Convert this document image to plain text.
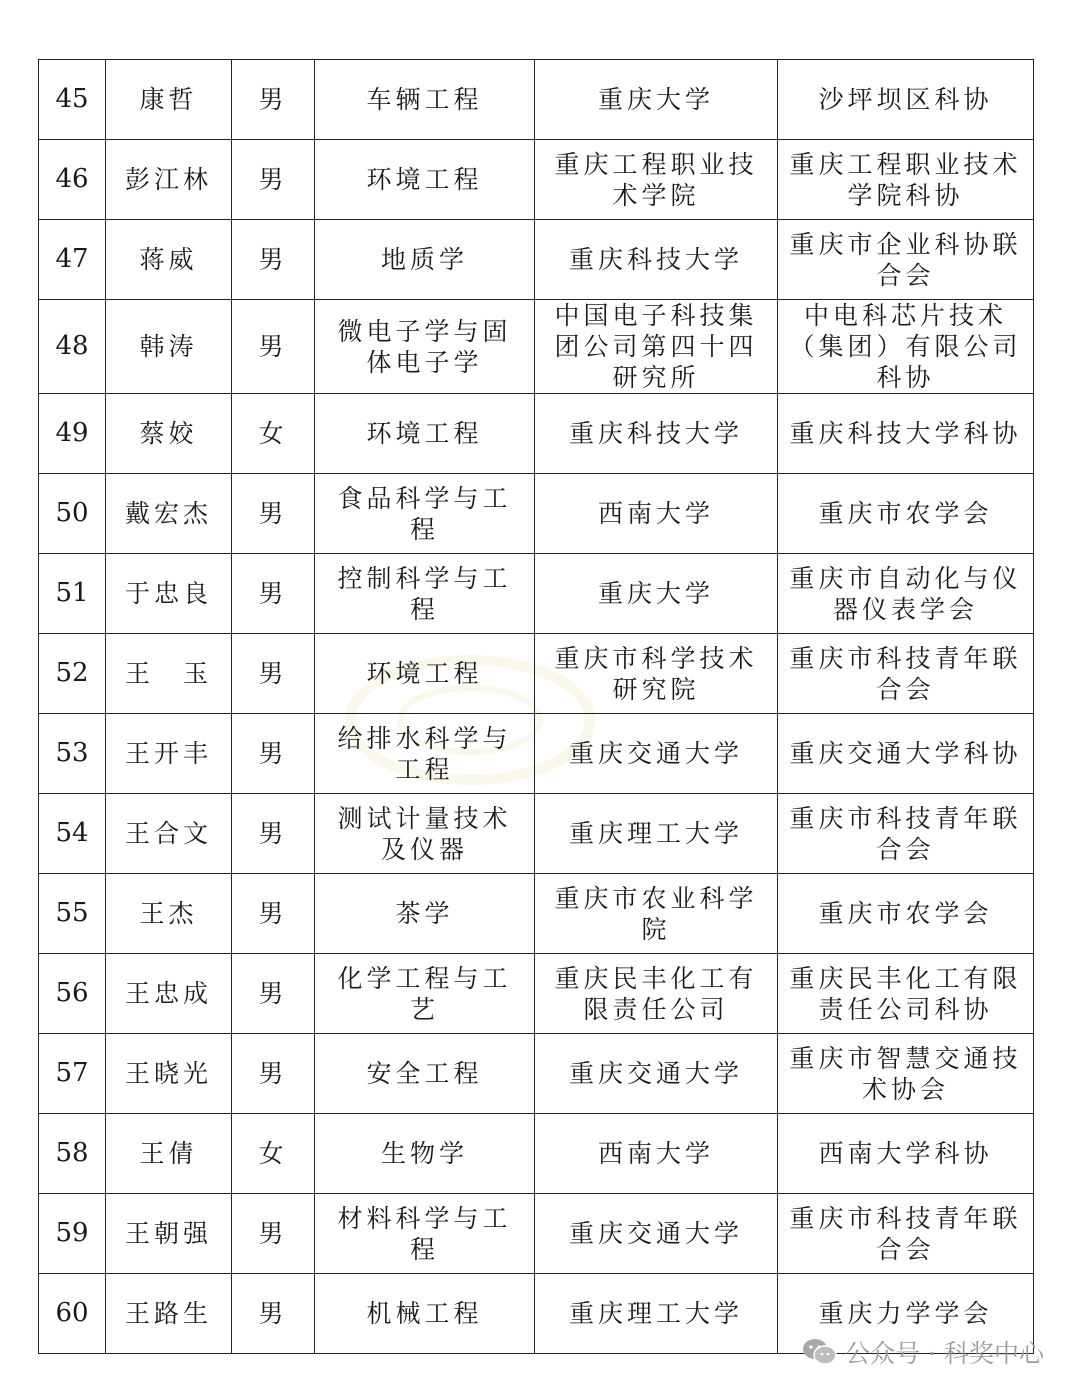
45	康哲	男	车辆工程	重庆大学	沙坪坝区科协
46	彭江林	男	环境工程	重庆工程职业技术学院	重庆工程职业技术学院科协
47	蒋威	男	地质学	重庆科技大学	重庆市企业科协联合会
48	韩涛	男	微电子学与固体电子学	中国电子科技集团公司第四十四研究所	中电科芯片技术（集团）有限公司科协
49	蔡姣	女	环境工程	重庆科技大学	重庆科技大学科协
50	戴宏杰	男	食品科学与工程	西南大学	重庆市农学会
51	于忠良	男	控制科学与工程	重庆大学	重庆市自动化与仪器仪表学会
52	王　玉	男	环境工程	重庆市科学技术研究院	重庆市科技青年联合会
53	王开丰	男	给排水科学与工程	重庆交通大学	重庆交通大学科协
54	王合文	男	测试计量技术及仪器	重庆理工大学	重庆市科技青年联合会
55	王杰	男	茶学	重庆市农业科学院	重庆市农学会
56	王忠成	男	化学工程与工艺	重庆民丰化工有限责任公司	重庆民丰化工有限责任公司科协
57	王晓光	男	安全工程	重庆交通大学	重庆市智慧交通技术协会
58	王倩	女	生物学	西南大学	西南大学科协
59	王朝强	男	材料科学与工程	重庆交通大学	重庆市科技青年联合会
60	王路生	男	机械工程	重庆理工大学	重庆力学学会
公众号 · 科奖中心
